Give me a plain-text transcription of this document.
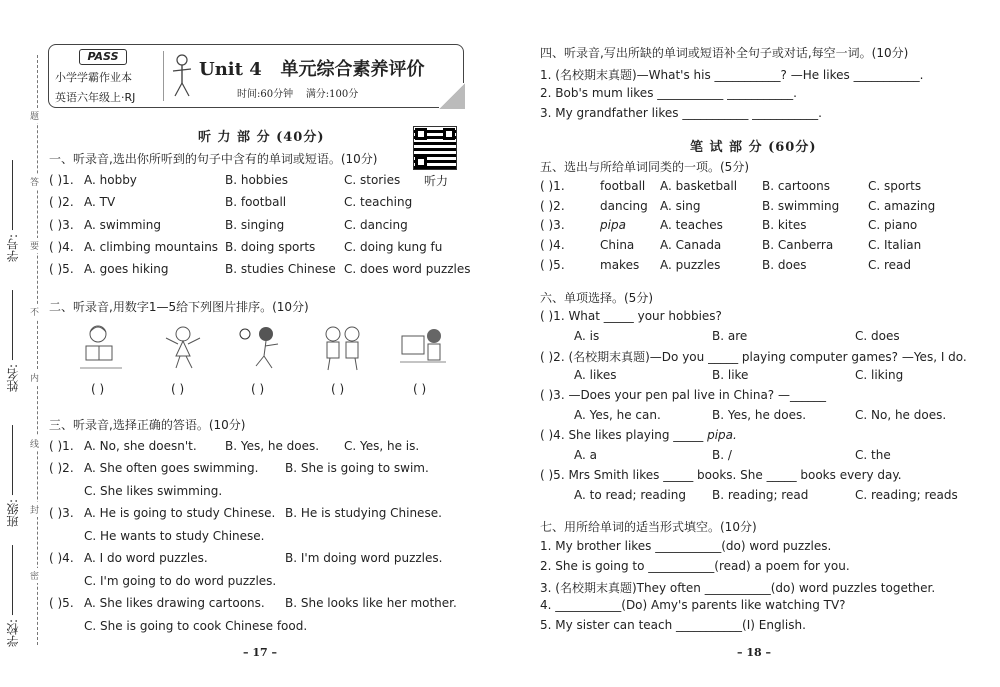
学号:
姓名:
班级:
学校:
题
答
要
不
内
线
封
密
PASS
小学学霸作业本
英语六年级上·RJ
Unit 4 单元综合素养评价
时间:60分钟 满分:100分
听 力 部 分 (40分)
听力
一、听录音,选出你所听到的句子中含有的单词或短语。(10分)
( )1. A. hobby	B. hobbies	C. stories
( )2. A. TV	B. football	C. teaching
( )3. A. swimming	B. singing	C. dancing
( )4. A. climbing mountains B. doing sports C. doing kung fu
( )5. A. goes hiking	B. studies Chinese C. does word puzzles
二、听录音,用数字1—5给下列图片排序。(10分)
( )	( )	( )	( )	( )
三、听录音,选择正确的答语。(10分)
( )1. A. No, she doesn't. B. Yes, he does. C. Yes, he is.
( )2. A. She often goes swimming. B. She is going to swim.
C. She likes swimming.
( )3. A. He is going to study Chinese. B. He is studying Chinese.
C. He wants to study Chinese.
( )4. A. I do word puzzles.	B. I'm doing word puzzles.
C. I'm going to do word puzzles.
( )5. A. She likes drawing cartoons. B. She looks like her mother.
C. She is going to cook Chinese food.
– 17 –
四、听录音,写出所缺的单词或短语补全句子或对话,每空一词。(10分)
1. (名校期末真题)—What's his ___________? —He likes ___________.
2. Bob's mum likes ___________ ___________.
3. My grandfather likes ___________ ___________.
笔 试 部 分 (60分)
五、选出与所给单词同类的一项。(5分)
( )1.	football A. basketball B. cartoons	C. sports
( )2.	dancing A. sing	B. swimming C. amazing
( )3.	pipa	A. teaches	B. kites	C. piano
( )4.	China A. Canada	B. Canberra	C. Italian
( )5.	makes A. puzzles	B. does	C. read
六、单项选择。(5分)
( )1. What _____ your hobbies?
A. is	B. are	C. does
( )2. (名校期末真题)—Do you _____ playing computer games? —Yes, I do.
A. likes	B. like	C. liking
( )3. —Does your pen pal live in China? —______
A. Yes, he can.	B. Yes, he does.	C. No, he does.
( )4. She likes playing _____ pipa.
A. a	B. /	C. the
( )5. Mrs Smith likes _____ books. She _____ books every day.
A. to read; reading B. reading; read	C. reading; reads
七、用所给单词的适当形式填空。(10分)
1. My brother likes ___________(do) word puzzles.
2. She is going to ___________(read) a poem for you.
3. (名校期末真题)They often ___________(do) word puzzles together.
4. ___________(Do) Amy's parents like watching TV?
5. My sister can teach ___________(I) English.
– 18 –
